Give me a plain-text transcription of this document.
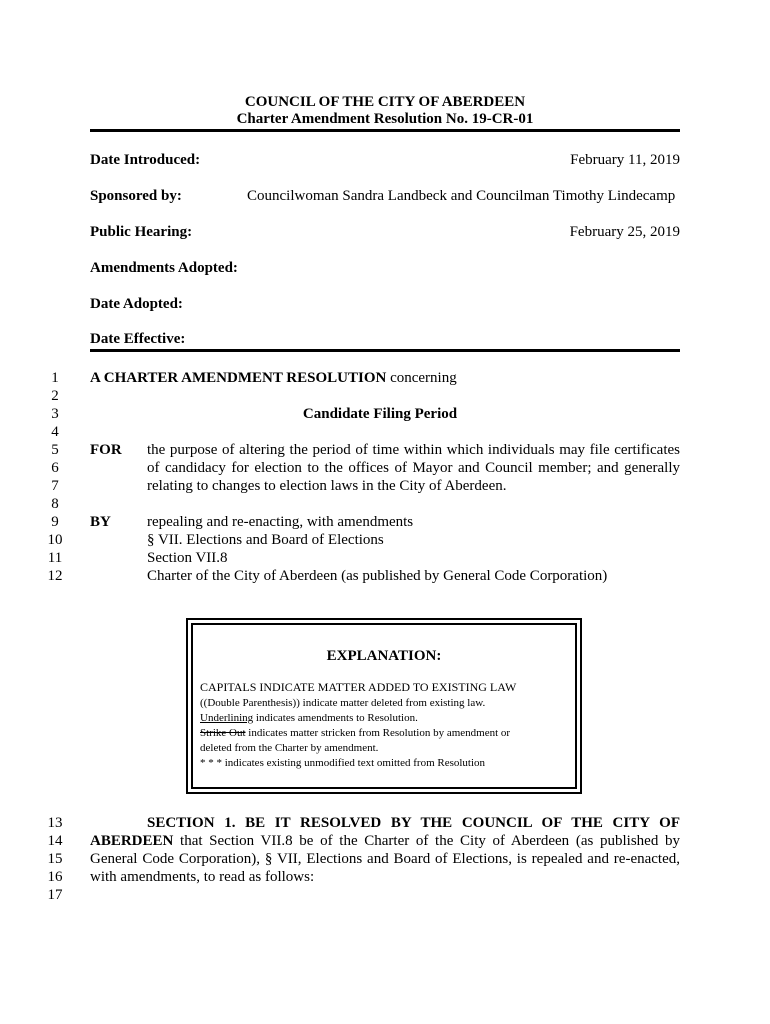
COUNCIL OF THE CITY OF ABERDEEN
Charter Amendment Resolution No. 19-CR-01
Date Introduced:	February 11, 2019
Sponsored by:	Councilwoman Sandra Landbeck and Councilman Timothy Lindecamp
Public Hearing:	February 25, 2019
Amendments Adopted:
Date Adopted:
Date Effective:
1
2
3
4
5
6
7
8
9
10
11
12
13
14
15
16
17
A CHARTER AMENDMENT RESOLUTION concerning
Candidate Filing Period
FOR the purpose of altering the period of time within which individuals may file certificates
of candidacy for election to the offices of Mayor and Council member; and generally
relating to changes to election laws in the City of Aberdeen.
BY repealing and re-enacting, with amendments
§ VII. Elections and Board of Elections
Section VII.8
Charter of the City of Aberdeen (as published by General Code Corporation)
EXPLANATION:
CAPITALS INDICATE MATTER ADDED TO EXISTING LAW
((Double Parenthesis)) indicate matter deleted from existing law.
Underlining indicates amendments to Resolution.
Strike Out indicates matter stricken from Resolution by amendment or
deleted from the Charter by amendment.
* * * indicates existing unmodified text omitted from Resolution
SECTION 1. BE IT RESOLVED BY THE COUNCIL OF THE CITY OF
ABERDEEN that Section VII.8 be of the Charter of the City of Aberdeen (as published by
General Code Corporation), § VII, Elections and Board of Elections, is repealed and re-enacted,
with amendments, to read as follows:
